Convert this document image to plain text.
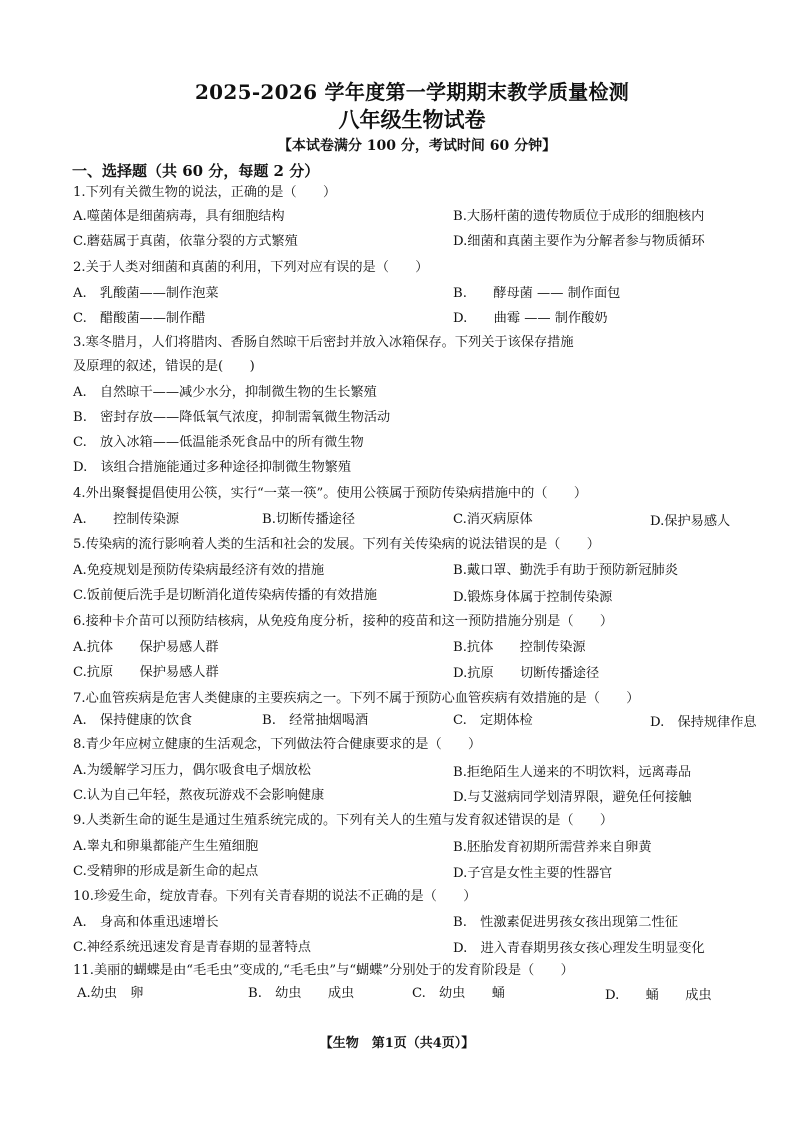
2025-2026 学年度第一学期期末教学质量检测
八年级生物试卷
【本试卷满分 100 分，考试时间 60 分钟】
一、选择题（共 60 分，每题 2 分）
1.下列有关微生物的说法，正确的是（　　）
A.噬菌体是细菌病毒，具有细胞结构	B.大肠杆菌的遗传物质位于成形的细胞核内
C.蘑菇属于真菌，依靠分裂的方式繁殖	D.细菌和真菌主要作为分解者参与物质循环
2.关于人类对细菌和真菌的利用，下列对应有误的是（　　）
A.　乳酸菌——制作泡菜	B.　　酵母菌 —— 制作面包
C.　醋酸菌——制作醋	D.　　曲霉 —— 制作酸奶
3.寒冬腊月，人们将腊肉、香肠自然晾干后密封并放入冰箱保存。下列关于该保存措施
及原理的叙述，错误的是(　　)
A.　自然晾干——减少水分，抑制微生物的生长繁殖
B.　密封存放——降低氧气浓度，抑制需氧微生物活动
C.　放入冰箱——低温能杀死食品中的所有微生物
D.　该组合措施能通过多种途径抑制微生物繁殖
4.外出聚餐提倡使用公筷，实行“一菜一筷”。使用公筷属于预防传染病措施中的（　　）
A.　　控制传染源	B.切断传播途径	C.消灭病原体	D.保护易感人
5.传染病的流行影响着人类的生活和社会的发展。下列有关传染病的说法错误的是（　　）
A.免疫规划是预防传染病最经济有效的措施	B.戴口罩、勤洗手有助于预防新冠肺炎
C.饭前便后洗手是切断消化道传染病传播的有效措施	D.锻炼身体属于控制传染源
6.接种卡介苗可以预防结核病，从免疫角度分析，接种的疫苗和这一预防措施分别是（　　）
A.抗体　　保护易感人群	B.抗体　　控制传染源
C.抗原　　保护易感人群	D.抗原　　切断传播途径
7.心血管疾病是危害人类健康的主要疾病之一。下列不属于预防心血管疾病有效措施的是（　　）
A.　保持健康的饮食	B.　经常抽烟喝酒	C.　定期体检	D.　保持规律作息
8.青少年应树立健康的生活观念，下列做法符合健康要求的是（　　）
A.为缓解学习压力，偶尔吸食电子烟放松	B.拒绝陌生人递来的不明饮料，远离毒品
C.认为自己年轻，熬夜玩游戏不会影响健康	D.与艾滋病同学划清界限，避免任何接触
9.人类新生命的诞生是通过生殖系统完成的。下列有关人的生殖与发育叙述错误的是（　　）
A.睾丸和卵巢都能产生生殖细胞	B.胚胎发育初期所需营养来自卵黄
C.受精卵的形成是新生命的起点	D.子宫是女性主要的性器官
10.珍爱生命，绽放青春。下列有关青春期的说法不正确的是（　　）
A.　身高和体重迅速增长	B.　性激素促进男孩女孩出现第二性征
C.神经系统迅速发育是青春期的显著特点	D.　进入青春期男孩女孩心理发生明显变化
11.美丽的蝴蝶是由“毛毛虫”变成的,“毛毛虫”与“蝴蝶”分别处于的发育阶段是（　　）
A.幼虫　卵	B.　幼虫　　成虫	C.　幼虫　　蛹	D.　　蛹　　成虫
【生物　第1页（共4页）】
